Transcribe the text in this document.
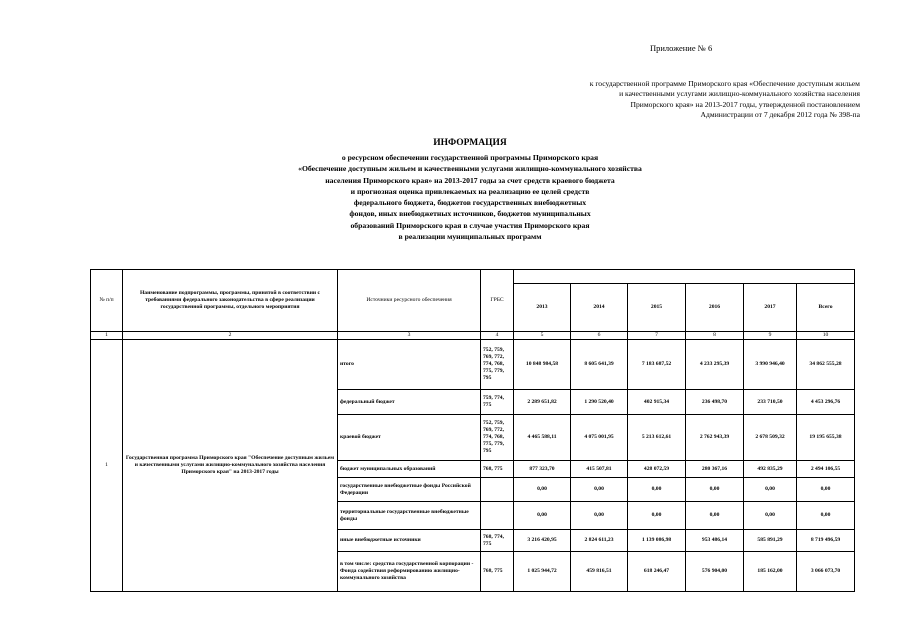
Приложение № 6
к государственной программе Приморского края «Обеспечение доступным жильем
и качественными услугами жилищно-коммунального хозяйства населения
Приморского края» на 2013-2017 годы, утвержденной постановлением
Администрации от 7 декабря 2012 года № 398-па
ИНФОРМАЦИЯ
о ресурсном обеспечении государственной программы Приморского края
«Обеспечение доступным жильем и качественными услугами жилищно-коммунального хозяйства
населения Приморского края» на 2013-2017 годы за счет средств краевого бюджета
и прогнозная оценка привлекаемых на реализацию ее целей средств
федерального бюджета, бюджетов государственных внебюджетных
фондов, иных внебюджетных источников, бюджетов муниципальных
образований Приморского края в случае участия Приморского края
в реализации муниципальных программ
№ п/п	Наименование подпрограммы, программы, принятой в соответствии с требованиями федерального законодательства в сфере реализации государственной программы, отдельного мероприятия	Источники ресурсного обеспечения	ГРБС						
				2013	2014	2015	2016	2017	Всего
1	2	3	4	5	6	7	8	9	10
1	Государственная программа Приморского края "Обеспечение доступным жильем и качественными услугами жилищно-коммунального хозяйства населения Приморского края" на 2013-2017 годы	итого	752, 759, 769, 772, 774, 768, 775, 779, 795	10 848 984,58	8 605 641,39	7 183 687,52	4 233 295,39	3 990 946,40	34 862 555,28
		федеральный бюджет	759, 774, 775	2 289 651,82	1 290 520,40	402 915,34	236 498,70	233 710,50	4 453 296,76
		краевой бюджет	752, 759, 769, 772, 774, 768, 775, 779, 795	4 465 588,11	4 075 001,95	5 213 612,61	2 762 943,39	2 678 509,32	19 195 655,38
		бюджет муниципальных образований	768, 775	877 323,70	415 507,81	428 072,59	280 367,16	492 835,29	2 494 106,55
		государственные внебюджетные фонды Российской Федерации		0,00	0,00	0,00	0,00	0,00	0,00
		территориальные государственные внебюджетные фонды		0,00	0,00	0,00	0,00	0,00	0,00
		иные внебюджетные источники	768, 774, 775	3 216 420,95	2 824 611,23	1 139 086,98	953 486,14	585 891,29	8 719 496,59
		в том числе: средства государственной корпорации - Фонда содействия реформированию жилищно-коммунального хозяйства	768, 775	1 025 944,72	459 816,51	618 246,47	576 904,00	185 162,00	3 066 073,70
